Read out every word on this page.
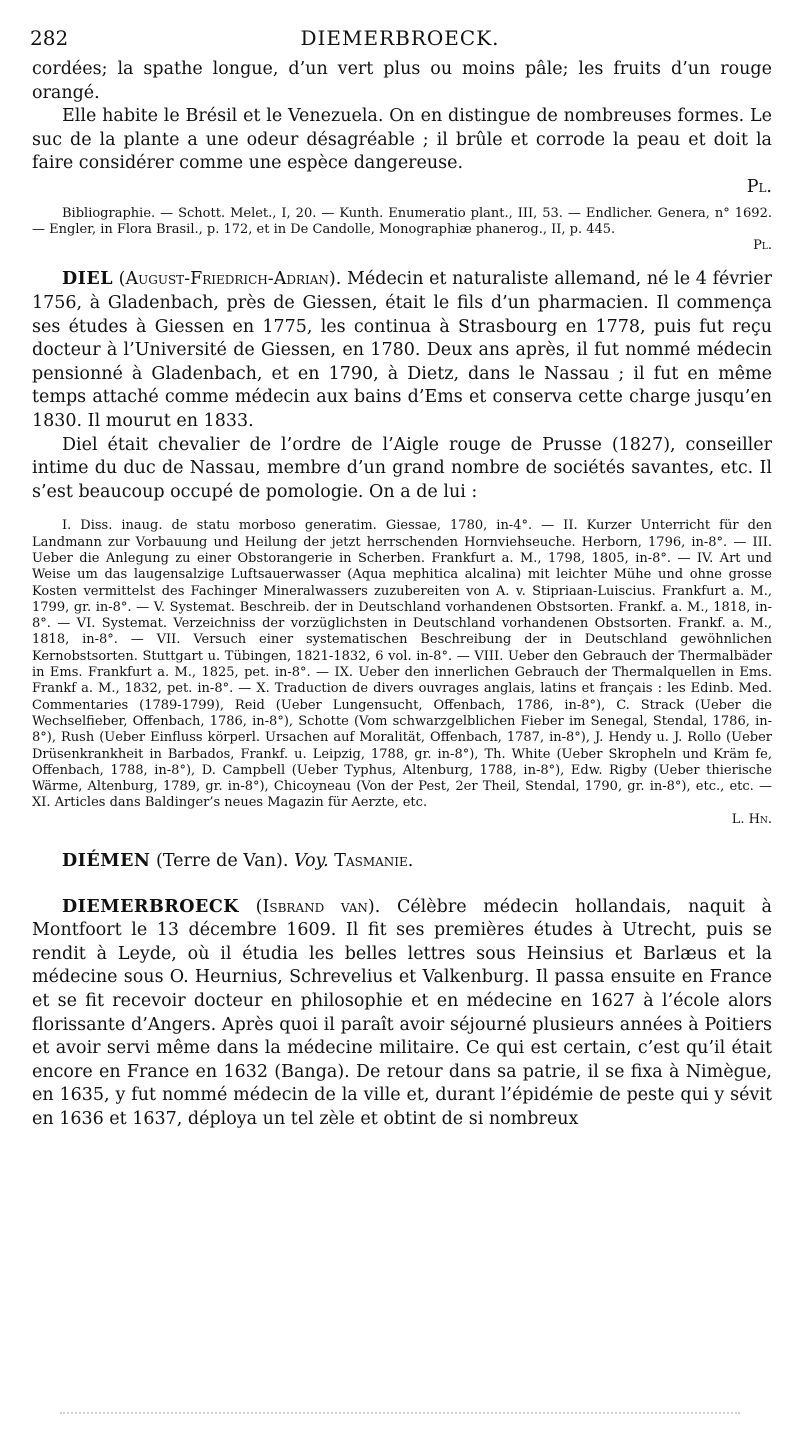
282	DIEMERBROECK.

cordées; la spathe longue, d’un vert plus ou moins pâle; les fruits d’un rouge orangé.

Elle habite le Brésil et le Venezuela. On en distingue de nombreuses formes. Le suc de la plante a une odeur désagréable ; il brûle et corrode la peau et doit la faire considérer comme une espèce dangereuse.
Pl.

Bibliographie. — Schott. Melet., I, 20. — Kunth. Enumeratio plant., III, 53. — Endlicher. Genera, n° 1692. — Engler, in Flora Brasil., p. 172, et in De Candolle, Monographiæ phanerog., II, p. 445.
Pl.

DIEL (August-Friedrich-Adrian). Médecin et naturaliste allemand, né le 4 février 1756, à Gladenbach, près de Giessen, était le fils d’un pharmacien. Il commença ses études à Giessen en 1775, les continua à Strasbourg en 1778, puis fut reçu docteur à l’Université de Giessen, en 1780. Deux ans après, il fut nommé médecin pensionné à Gladenbach, et en 1790, à Dietz, dans le Nassau ; il fut en même temps attaché comme médecin aux bains d’Ems et conserva cette charge jusqu’en 1830. Il mourut en 1833.

Diel était chevalier de l’ordre de l’Aigle rouge de Prusse (1827), conseiller intime du duc de Nassau, membre d’un grand nombre de sociétés savantes, etc. Il s’est beaucoup occupé de pomologie. On a de lui :

I. Diss. inaug. de statu morboso generatim. Giessae, 1780, in-4°. — II. Kurzer Unterricht für den Landmann zur Vorbauung und Heilung der jetzt herrschenden Hornviehseuche. Herborn, 1796, in-8°. — III. Ueber die Anlegung zu einer Obstorangerie in Scherben. Frankfurt a. M., 1798, 1805, in-8°. — IV. Art und Weise um das laugensalzige Luftsauerwasser (Aqua mephitica alcalina) mit leichter Mühe und ohne grosse Kosten vermittelst des Fachinger Mineralwassers zuzubereiten von A. v. Stipriaan-Luiscius. Frankfurt a. M., 1799, gr. in-8°. — V. Systemat. Beschreib. der in Deutschland vorhandenen Obstsorten. Frankf. a. M., 1818, in-8°. — VI. Systemat. Verzeichniss der vorzüglichsten in Deutschland vorhandenen Obstsorten. Frankf. a. M., 1818, in-8°. — VII. Versuch einer systematischen Beschreibung der in Deutschland gewöhnlichen Kernobstsorten. Stuttgart u. Tübingen, 1821-1832, 6 vol. in-8°. — VIII. Ueber den Gebrauch der Thermalbäder in Ems. Frankfurt a. M., 1825, pet. in-8°. — IX. Ueber den innerlichen Gebrauch der Thermalquellen in Ems. Frankf a. M., 1832, pet. in-8°. — X. Traduction de divers ouvrages anglais, latins et français : les Edinb. Med. Commentaries (1789-1799), Reid (Ueber Lungensucht, Offenbach, 1786, in-8°), C. Strack (Ueber die Wechselfieber, Offenbach, 1786, in-8°), Schotte (Vom schwarzgelblichen Fieber im Senegal, Stendal, 1786, in-8°), Rush (Ueber Einfluss körperl. Ursachen auf Moralität, Offenbach, 1787, in-8°), J. Hendy u. J. Rollo (Ueber Drüsenkrankheit in Barbados, Frankf. u. Leipzig, 1788, gr. in-8°), Th. White (Ueber Skropheln und Kräm fe, Offenbach, 1788, in-8°), D. Campbell (Ueber Typhus, Altenburg, 1788, in-8°), Edw. Rigby (Ueber thierische Wärme, Altenburg, 1789, gr. in-8°), Chicoyneau (Von der Pest, 2er Theil, Stendal, 1790, gr. in-8°), etc., etc. — XI. Articles dans Baldinger’s neues Magazin für Aerzte, etc.
L. Hn.

DIÉMEN (Terre de Van). Voy. Tasmanie.

DIEMERBROECK (Isbrand van). Célèbre médecin hollandais, naquit à Montfoort le 13 décembre 1609. Il fit ses premières études à Utrecht, puis se rendit à Leyde, où il étudia les belles lettres sous Heinsius et Barlæus et la médecine sous O. Heurnius, Schrevelius et Valkenburg. Il passa ensuite en France et se fit recevoir docteur en philosophie et en médecine en 1627 à l’école alors florissante d’Angers. Après quoi il paraît avoir séjourné plusieurs années à Poitiers et avoir servi même dans la médecine militaire. Ce qui est certain, c’est qu’il était encore en France en 1632 (Banga). De retour dans sa patrie, il se fixa à Nimègue, en 1635, y fut nommé médecin de la ville et, durant l’épidémie de peste qui y sévit en 1636 et 1637, déploya un tel zèle et obtint de si nombreux
